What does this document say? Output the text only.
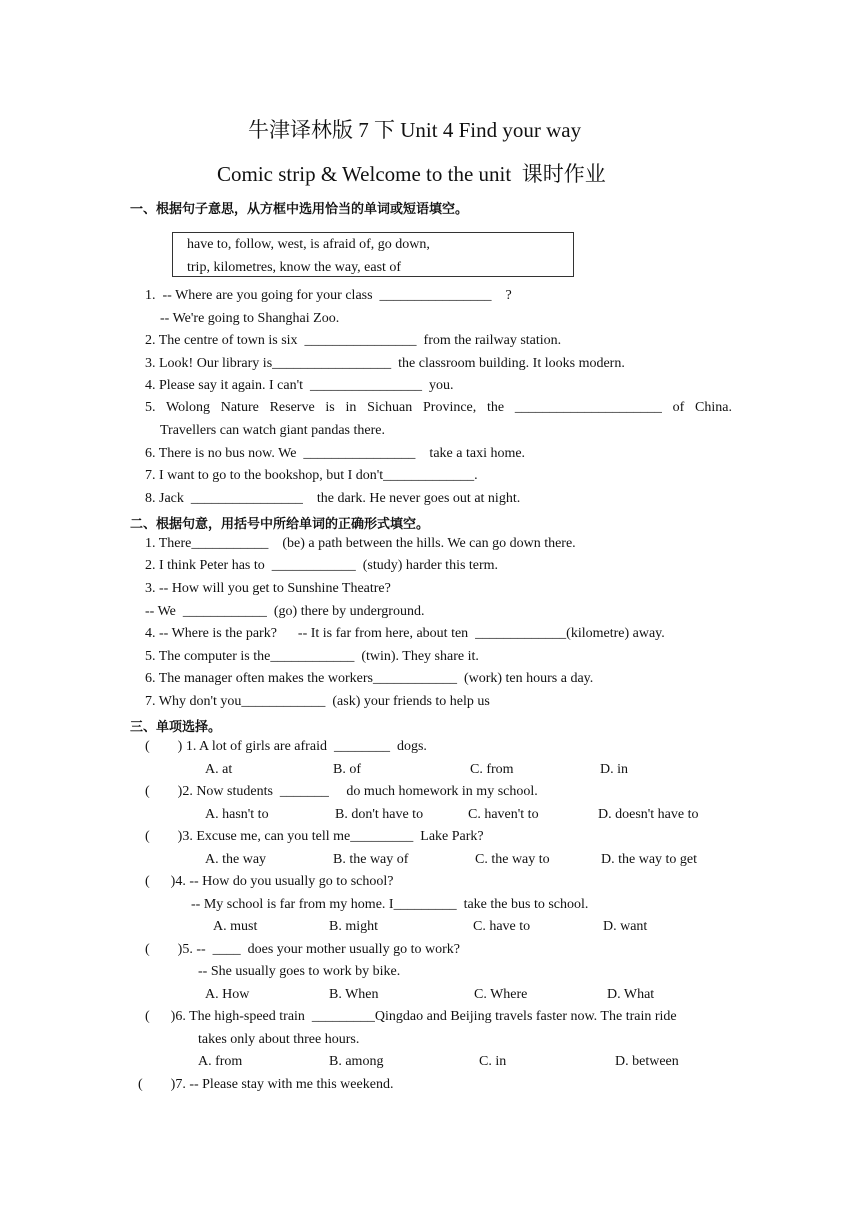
牛津译林版 7 下 Unit 4 Find your way
Comic strip & Welcome to the unit  课时作业
一、根据句子意思，从方框中选用恰当的单词或短语填空。
have to, follow, west, is afraid of, go down,
trip, kilometres, know the way, east of
1.  -- Where are you going for your class  ________________    ?
-- We're going to Shanghai Zoo.
2. The centre of town is six  ________________  from the railway station.
3. Look! Our library is_________________  the classroom building. It looks modern.
4. Please say it again. I can't  ________________  you.
5. Wolong Nature Reserve is in Sichuan Province, the _____________________ of China.
Travellers can watch giant pandas there.
6. There is no bus now. We  ________________    take a taxi home.
7. I want to go to the bookshop, but I don't_____________.
8. Jack  ________________    the dark. He never goes out at night.
二、根据句意，用括号中所给单词的正确形式填空。
1. There___________    (be) a path between the hills. We can go down there.
2. I think Peter has to  ____________  (study) harder this term.
3. -- How will you get to Sunshine Theatre?
-- We  ____________  (go) there by underground.
4. -- Where is the park?      -- It is far from here, about ten  _____________(kilometre) away.
5. The computer is the____________  (twin). They share it.
6. The manager often makes the workers____________  (work) ten hours a day.
7. Why don't you____________  (ask) your friends to help us
三、单项选择。
(        ) 1. A lot of girls are afraid  ________  dogs.
A. at	B. of	C. from	D. in
(        )2. Now students  _______     do much homework in my school.
A. hasn't to	B. don't have to	C. haven't to	D. doesn't have to
(        )3. Excuse me, can you tell me_________  Lake Park?
A. the way	B. the way of	C. the way to	D. the way to get
(      )4. -- How do you usually go to school?
-- My school is far from my home. I_________  take the bus to school.
A. must	B. might	C. have to	D. want
(        )5. --  ____  does your mother usually go to work?
-- She usually goes to work by bike.
A. How	B. When	C. Where	D. What
(      )6. The high-speed train  _________Qingdao and Beijing travels faster now. The train ride
takes only about three hours.
A. from	B. among	C. in	D. between
(        )7. -- Please stay with me this weekend.
